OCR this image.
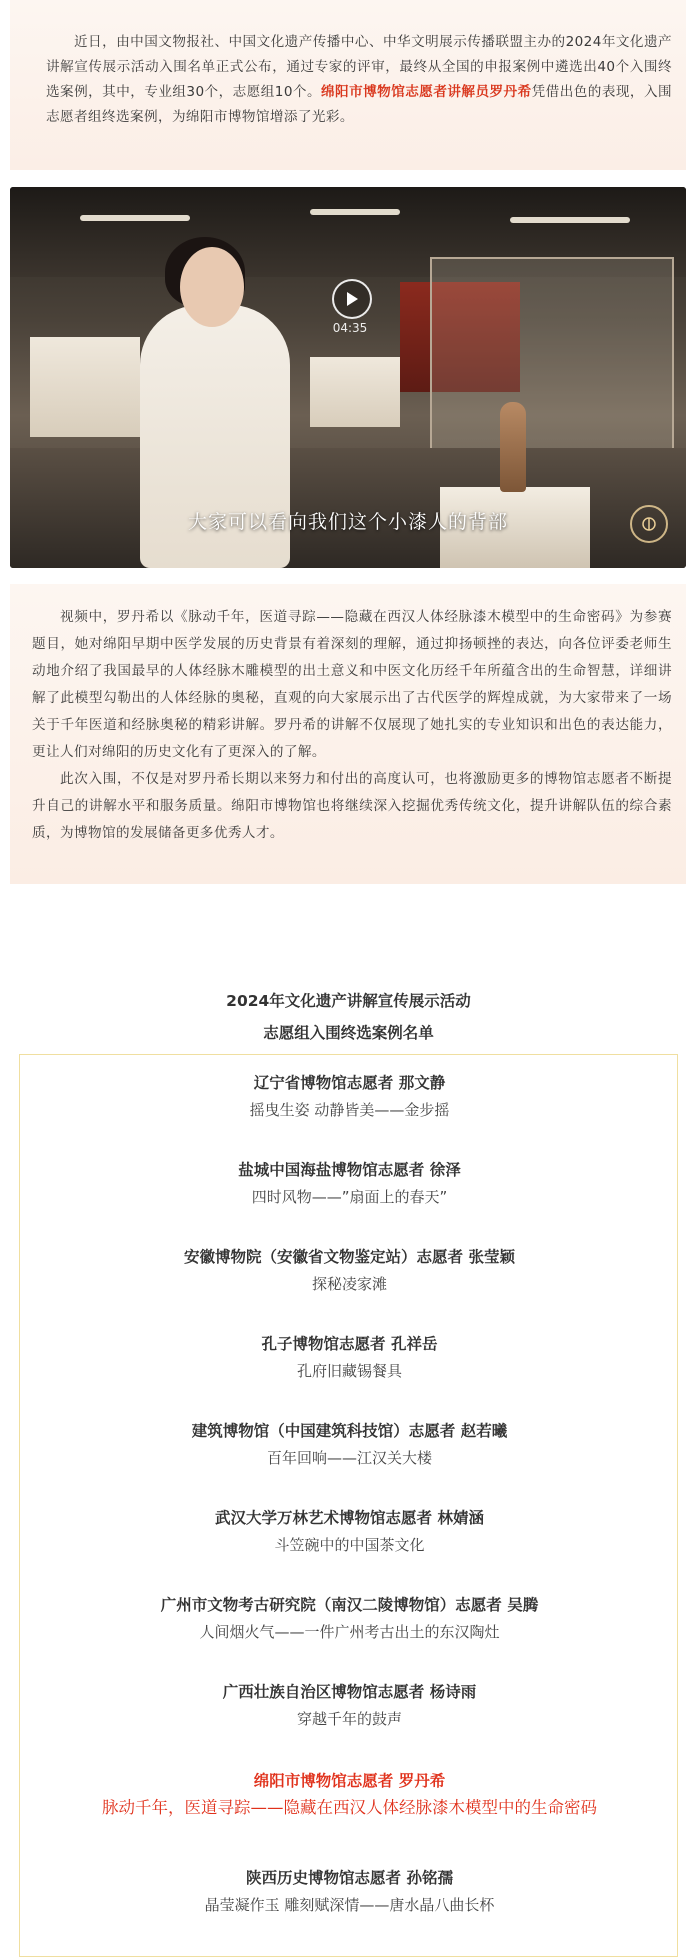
近日，由中国文物报社、中国文化遗产传播中心、中华文明展示传播联盟主办的2024年文化遗产讲解宣传展示活动入围名单正式公布，通过专家的评审，最终从全国的申报案例中遴选出40个入围终选案例，其中，专业组30个，志愿组10个。绵阳市博物馆志愿者讲解员罗丹希凭借出色的表现，入围志愿者组终选案例，为绵阳市博物馆增添了光彩。

04:35
大家可以看向我们这个小漆人的背部

视频中，罗丹希以《脉动千年，医道寻踪——隐藏在西汉人体经脉漆木模型中的生命密码》为参赛题目，她对绵阳早期中医学发展的历史背景有着深刻的理解，通过抑扬顿挫的表达，向各位评委老师生动地介绍了我国最早的人体经脉木雕模型的出土意义和中医文化历经千年所蕴含出的生命智慧，详细讲解了此模型勾勒出的人体经脉的奥秘，直观的向大家展示出了古代医学的辉煌成就，为大家带来了一场关于千年医道和经脉奥秘的精彩讲解。罗丹希的讲解不仅展现了她扎实的专业知识和出色的表达能力，更让人们对绵阳的历史文化有了更深入的了解。

此次入围，不仅是对罗丹希长期以来努力和付出的高度认可，也将激励更多的博物馆志愿者不断提升自己的讲解水平和服务质量。绵阳市博物馆也将继续深入挖掘优秀传统文化，提升讲解队伍的综合素质，为博物馆的发展储备更多优秀人才。

2024年文化遗产讲解宣传展示活动
志愿组入围终选案例名单
辽宁省博物馆志愿者 那文静
摇曳生姿 动静皆美——金步摇
盐城中国海盐博物馆志愿者 徐泽
四时风物——”扇面上的春天”
安徽博物院（安徽省文物鉴定站）志愿者 张莹颖
探秘凌家滩
孔子博物馆志愿者 孔祥岳
孔府旧藏锡餐具
建筑博物馆（中国建筑科技馆）志愿者 赵若曦
百年回响——江汉关大楼
武汉大学万林艺术博物馆志愿者 林婧涵
斗笠碗中的中国茶文化
广州市文物考古研究院（南汉二陵博物馆）志愿者 吴腾
人间烟火气——一件广州考古出土的东汉陶灶
广西壮族自治区博物馆志愿者 杨诗雨
穿越千年的鼓声
绵阳市博物馆志愿者 罗丹希
脉动千年，医道寻踪——隐藏在西汉人体经脉漆木模型中的生命密码
陕西历史博物馆志愿者 孙铭孺
晶莹凝作玉 雕刻赋深情——唐水晶八曲长杯
